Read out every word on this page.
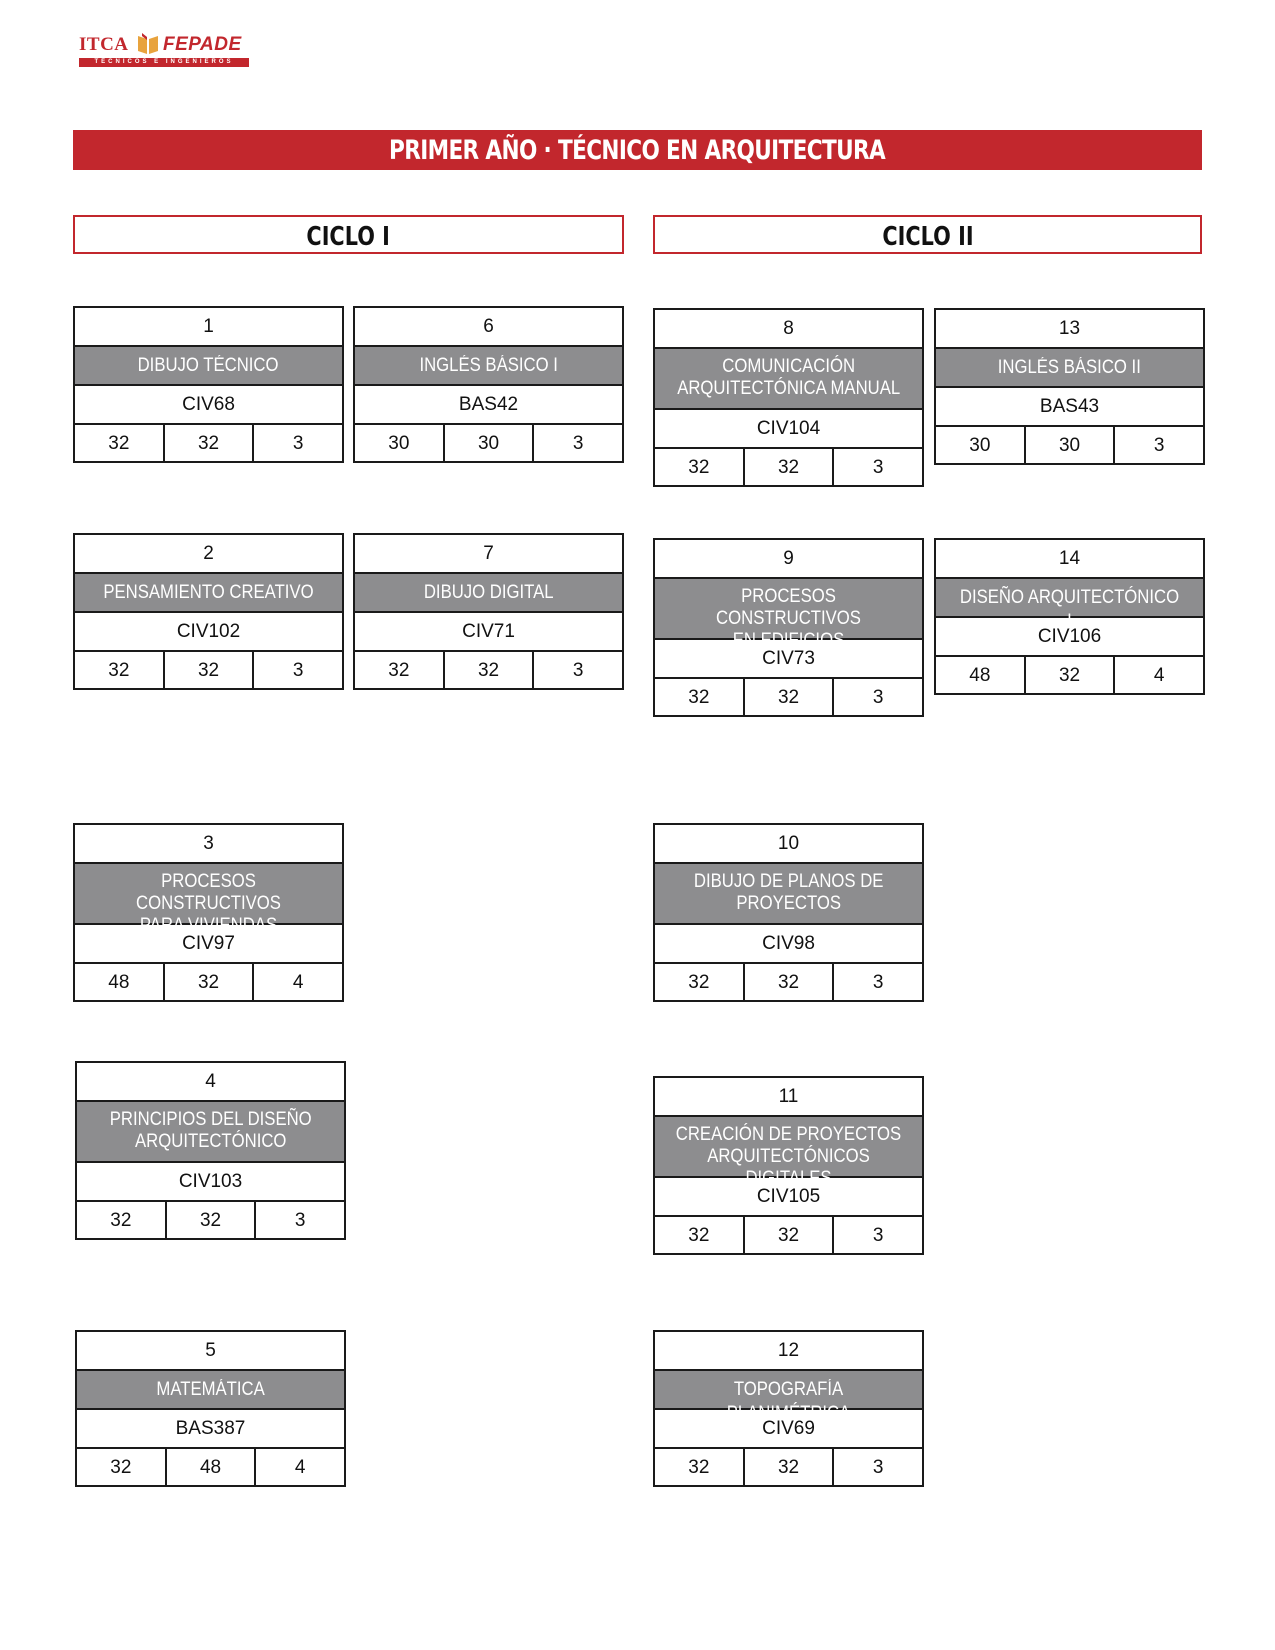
ITCA FEPADE
TÉCNICOS E INGENIEROS
PRIMER AÑO · TÉCNICO EN ARQUITECTURA
CICLO I	CICLO II
1
DIBUJO TÉCNICO
CIV68
32	32	3
6
INGLÉS BÁSICO I
BAS42
30	30	3
2
PENSAMIENTO CREATIVO
CIV102
32	32	3
7
DIBUJO DIGITAL
CIV71
32	32	3
3
PROCESOS CONSTRUCTIVOS
PARA VIVIENDAS
CIV97
48	32	4
4
PRINCIPIOS DEL DISEÑO
ARQUITECTÓNICO
CIV103
32	32	3
5
MATEMÁTICA
BAS387
32	48	4
8
COMUNICACIÓN
ARQUITECTÓNICA MANUAL
CIV104
32	32	3
13
INGLÉS BÁSICO II
BAS43
30	30	3
9
PROCESOS CONSTRUCTIVOS
EN EDIFICIOS
CIV73
32	32	3
14
DISEÑO ARQUITECTÓNICO I
CIV106
48	32	4
10
DIBUJO DE PLANOS DE
PROYECTOS
CIV98
32	32	3
11
CREACIÓN DE PROYECTOS
ARQUITECTÓNICOS DIGITALES
CIV105
32	32	3
12
TOPOGRAFÍA PLANIMÉTRICA
CIV69
32	32	3
